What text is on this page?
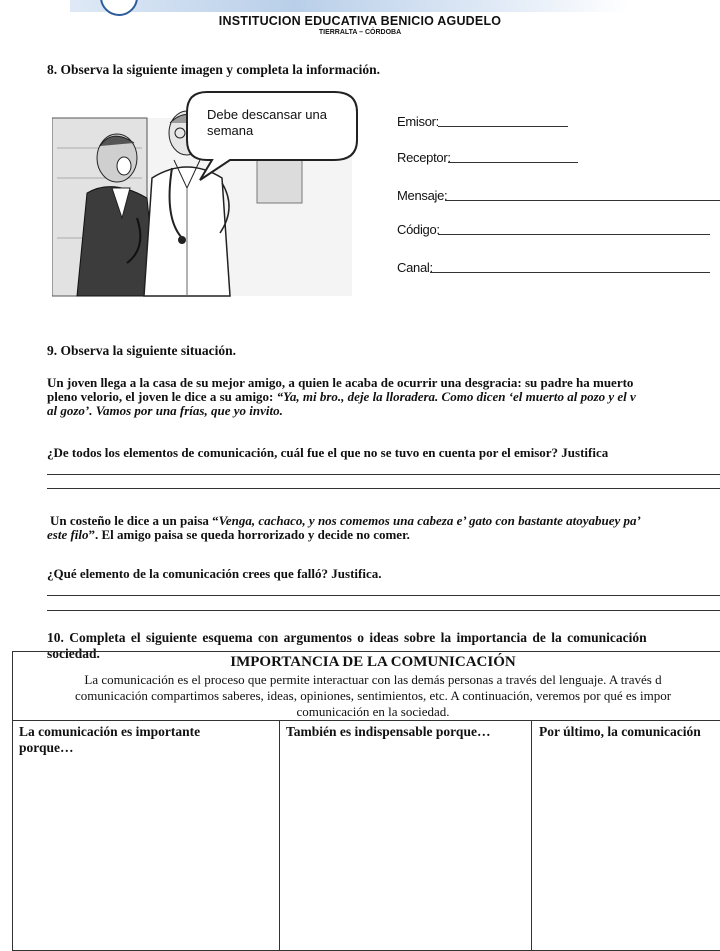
INSTITUCION EDUCATIVA BENICIO AGUDELO
TIERRALTA – CÓRDOBA
8. Observa la siguiente imagen y completa la información.
Debe descansar una
semana
Emisor:
Receptor:
Mensaje:
Código:
Canal:
9. Observa la siguiente situación.
Un joven llega a la casa de su mejor amigo, a quien le acaba de ocurrir una desgracia: su padre ha muerto
pleno velorio, el joven le dice a su amigo: “Ya, mi bro., deje la lloradera. Como dicen ‘el muerto al pozo y el v
al gozo’. Vamos por una frías, que yo invito.
¿De todos los elementos de comunicación, cuál fue el que no se tuvo en cuenta por el emisor? Justifica
Un costeño le dice a un paisa “Venga, cachaco, y nos comemos una cabeza e’ gato con bastante atoyabuey pa’
este filo”. El amigo paisa se queda horrorizado y decide no comer.
¿Qué elemento de la comunicación crees que falló? Justifica.
10. Completa el siguiente esquema con argumentos o ideas sobre la importancia de la comunicación
sociedad.
IMPORTANCIA DE LA COMUNICACIÓN
La comunicación es el proceso que permite interactuar con las demás personas a través del lenguaje. A través d
comunicación compartimos saberes, ideas, opiniones, sentimientos, etc. A continuación, veremos por qué es impor
comunicación en la sociedad.
La comunicación es importante
porque…
También es indispensable porque…	Por último, la comunicación
